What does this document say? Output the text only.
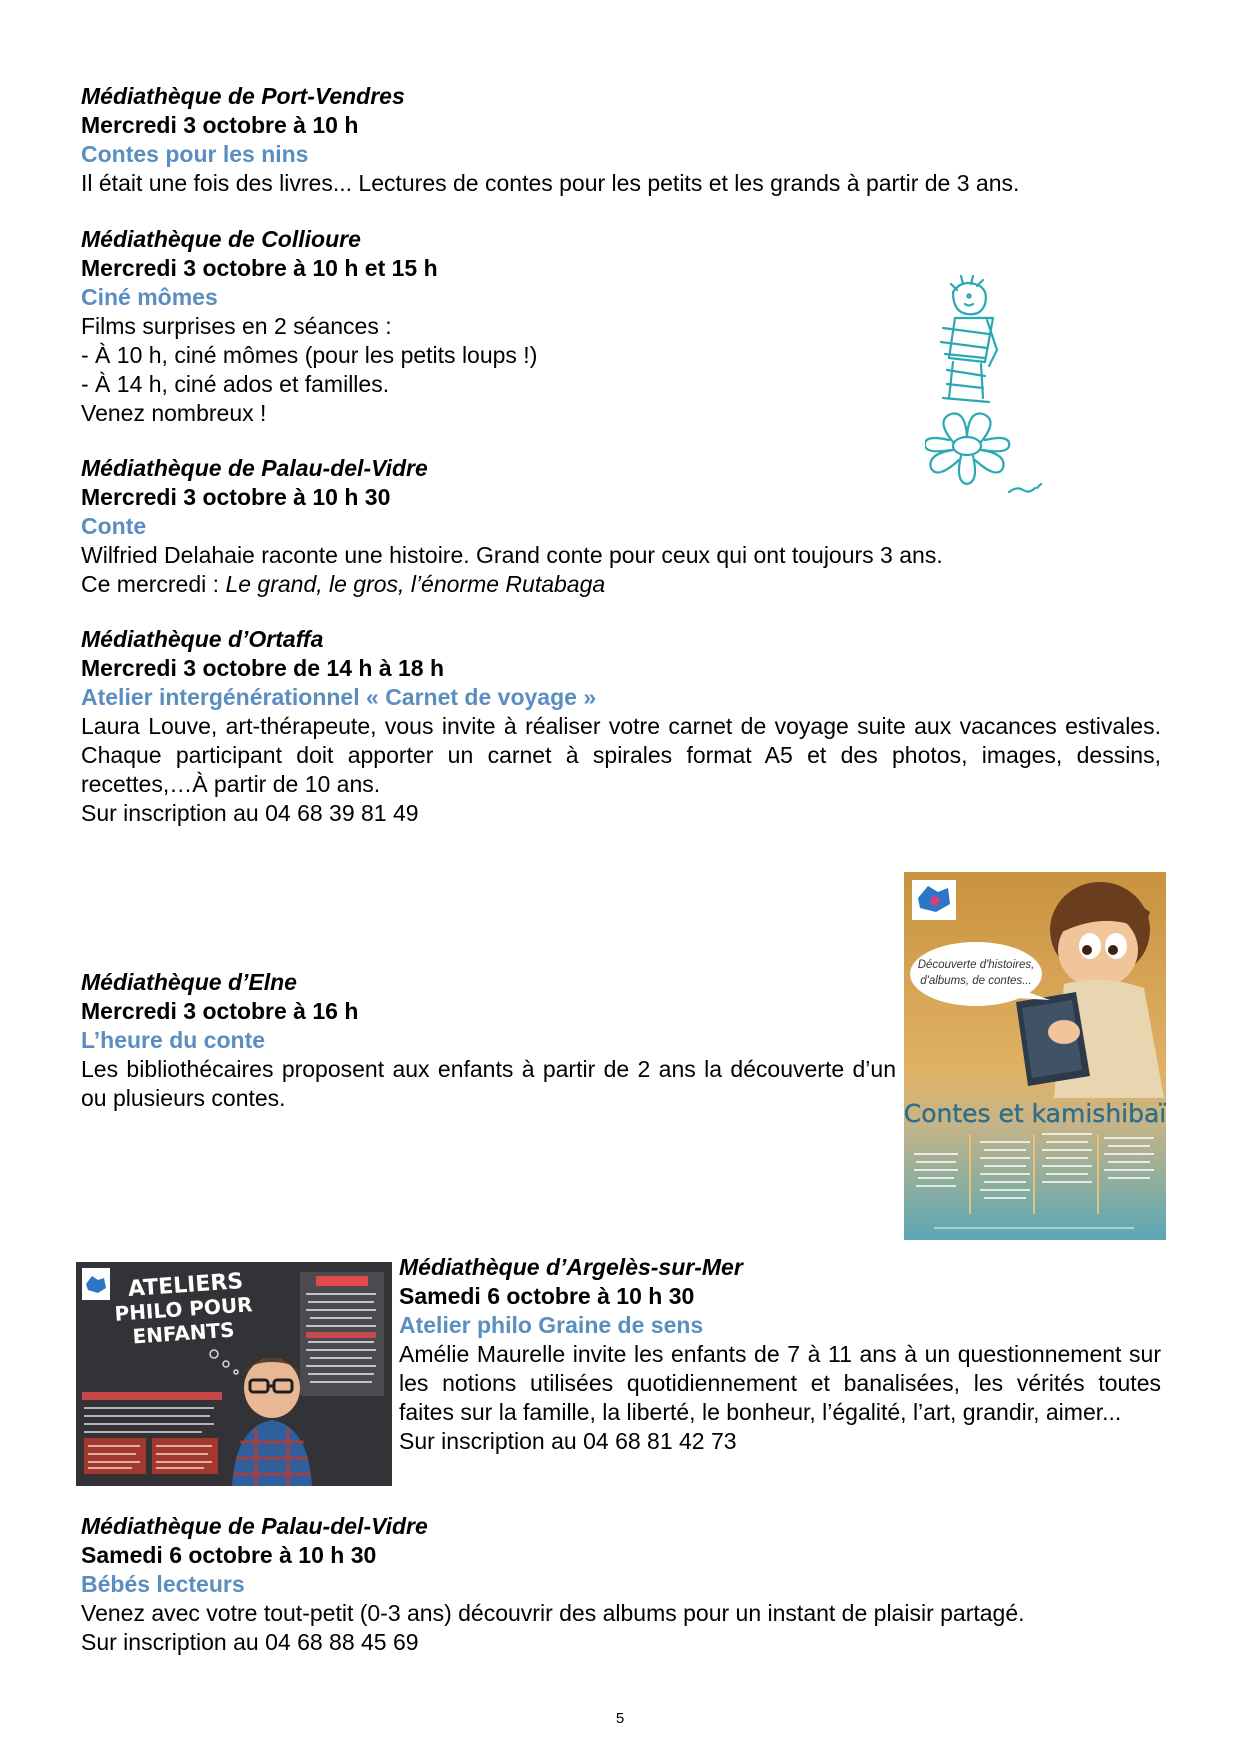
Médiathèque de Port-Vendres
Mercredi 3 octobre à 10 h
Contes pour les nins

Il était une fois des livres... Lectures de contes pour les petits et les grands à partir de 3 ans.

Médiathèque de Collioure
Mercredi 3 octobre à 10 h et 15 h
Ciné mômes

Films surprises en 2 séances :

- À 10 h, ciné mômes (pour les petits loups !)

- À 14 h, ciné ados et familles.

Venez nombreux !

Médiathèque de Palau-del-Vidre
Mercredi 3 octobre à 10 h 30
Conte

Wilfried Delahaie raconte une histoire. Grand conte pour ceux qui ont toujours 3 ans.

Ce mercredi : Le grand, le gros, l’énorme Rutabaga

Médiathèque d’Ortaffa
Mercredi 3 octobre de 14 h à 18 h
Atelier intergénérationnel « Carnet de voyage »

Laura Louve, art-thérapeute, vous invite à réaliser votre carnet de voyage suite aux vacances estivales. Chaque participant doit apporter un carnet à spirales format A5 et des photos, images, dessins, recettes,…À partir de 10 ans.

Sur inscription au 04 68 39 81 49

Médiathèque d’Elne
Mercredi 3 octobre à 16 h
L’heure du conte

Les bibliothécaires proposent aux enfants à partir de 2 ans la découverte d’un ou plusieurs contes.

Médiathèque d’Argelès-sur-Mer
Samedi 6 octobre à 10 h 30
Atelier philo Graine de sens

Amélie Maurelle invite les enfants de 7 à 11 ans à un questionnement sur les notions utilisées quotidiennement et banalisées, les vérités toutes faites sur la famille, la liberté, le bonheur, l’égalité, l’art, grandir, aimer...

Sur inscription au 04 68 81 42 73

Médiathèque de Palau-del-Vidre
Samedi 6 octobre à 10 h 30
Bébés lecteurs

Venez avec votre tout-petit (0-3 ans) découvrir des albums pour un instant de plaisir partagé.

Sur inscription au 04 68 88 45 69

Découverte d'histoires,
d'albums, de contes...
Contes et kamishibaï
ATELIERS
PHILO POUR
ENFANTS
5
